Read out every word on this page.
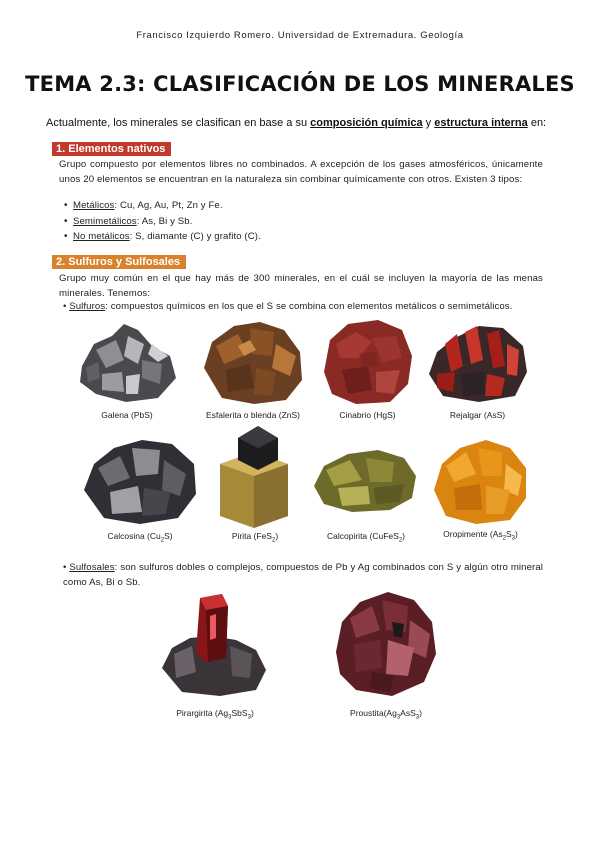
Francisco Izquierdo Romero. Universidad de Extremadura. Geología
TEMA 2.3: CLASIFICACIÓN DE LOS MINERALES
Actualmente, los minerales se clasifican en base a su composición química y estructura interna en:
1. Elementos nativos
Grupo compuesto por elementos libres no combinados. A excepción de los gases atmosféricos, únicamente unos 20 elementos se encuentran en la naturaleza sin combinar químicamente con otros. Existen 3 tipos:
• Metálicos: Cu, Ag, Au, Pt, Zn y Fe.
• Semimetálicos: As, Bi y Sb.
• No metálicos: S, diamante (C) y grafito (C).
2. Sulfuros y Sulfosales
Grupo muy común en el que hay más de 300 minerales, en el cuál se incluyen la mayoría de las menas minerales. Tenemos:
• Sulfuros: compuestos químicos en los que el S se combina con elementos metálicos o semimetálicos.
Galena (PbS)	Esfalerita o blenda (ZnS)	Cinabrio (HgS)	Rejalgar (AsS)
Calcosina $(Cu_2S)$	Pirita (FeS$_2$)	Calcopirita (CuFeS$_2$)	Oropimente $(As_2S_3)$
• Sulfosales: son sulfuros dobles o complejos, compuestos de Pb y Ag combinados con S y algún otro mineral como As, Bi o Sb.
Pirargirita $(Ag_3SbS_3)$	$Proustita(Ag_3AsS_3)$
